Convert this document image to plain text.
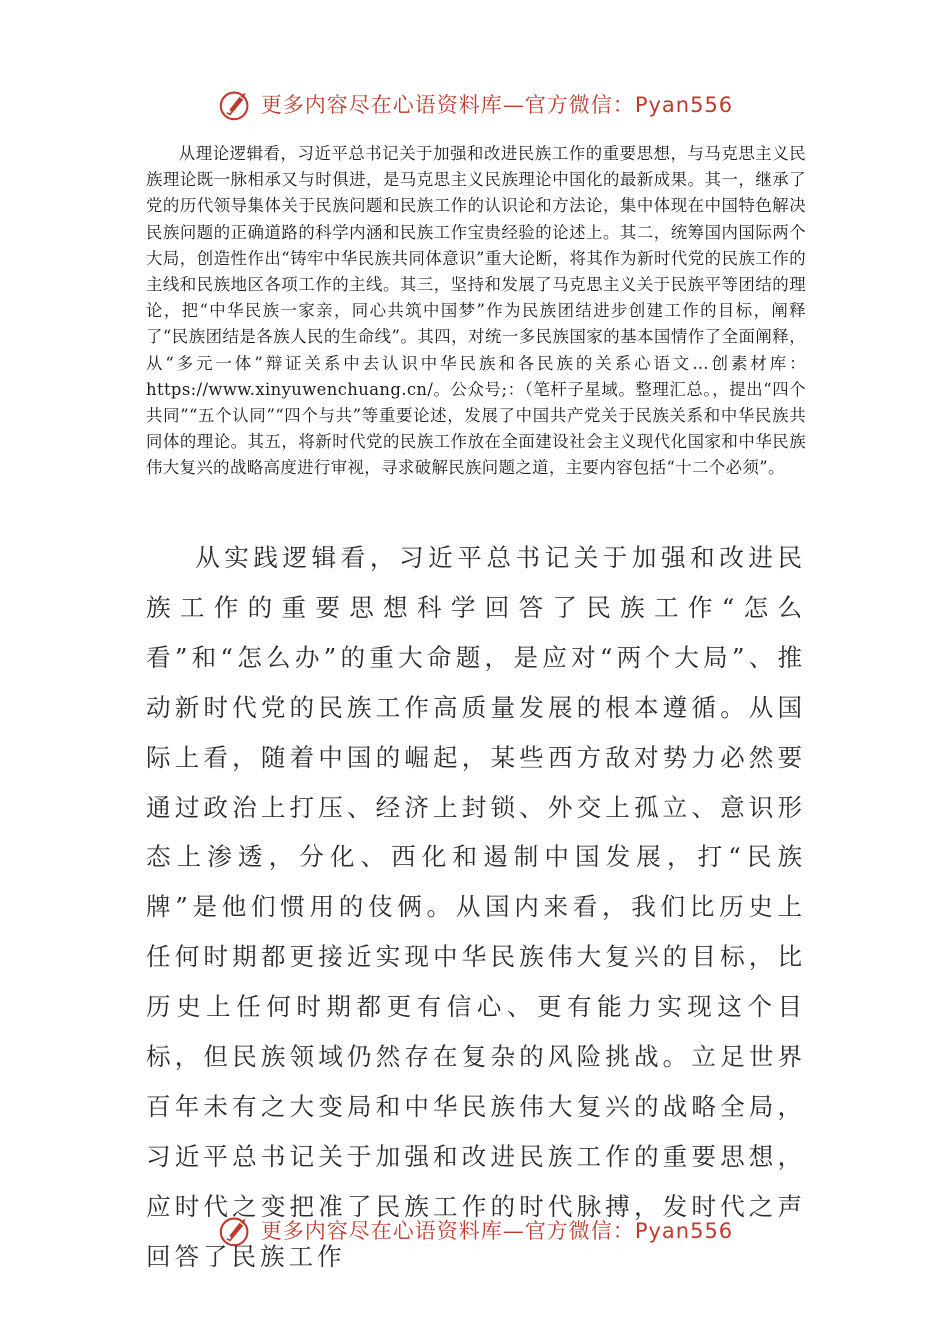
更多内容尽在心语资料库—官方微信：Pyan556

从理论逻辑看，习近平总书记关于加强和改进民族工作的重要思想，与马克思主义民族理论既一脉相承又与时俱进，是马克思主义民族理论中国化的最新成果。其一，继承了党的历代领导集体关于民族问题和民族工作的认识论和方法论，集中体现在中国特色解决民族问题的正确道路的科学内涵和民族工作宝贵经验的论述上。其二，统筹国内国际两个大局，创造性作出“铸牢中华民族共同体意识”重大论断，将其作为新时代党的民族工作的主线和民族地区各项工作的主线。其三，坚持和发展了马克思主义关于民族平等团结的理论，把“中华民族一家亲，同心共筑中国梦”作为民族团结进步创建工作的目标，阐释了“民族团结是各族人民的生命线”。其四，对统一多民族国家的基本国情作了全面阐释，从“多元一体”辩证关系中去认识中华民族和各民族的关系心语文…创素材库：https://www.xinyuwenchuang.cn/。公众号;：（笔杆子星域。整理汇总。，提出“四个共同”“五个认同”“四个与共”等重要论述，发展了中国共产党关于民族关系和中华民族共同体的理论。其五，将新时代党的民族工作放在全面建设社会主义现代化国家和中华民族伟大复兴的战略高度进行审视，寻求破解民族问题之道，主要内容包括“十二个必须”。

从实践逻辑看，习近平总书记关于加强和改进民族工作的重要思想科学回答了民族工作“怎么看”和“怎么办”的重大命题，是应对“两个大局”、推动新时代党的民族工作高质量发展的根本遵循。从国际上看，随着中国的崛起，某些西方敌对势力必然要通过政治上打压、经济上封锁、外交上孤立、意识形态上渗透，分化、西化和遏制中国发展，打“民族牌”是他们惯用的伎俩。从国内来看，我们比历史上任何时期都更接近实现中华民族伟大复兴的目标，比历史上任何时期都更有信心、更有能力实现这个目标，但民族领域仍然存在复杂的风险挑战。立足世界百年未有之大变局和中华民族伟大复兴的战略全局，习近平总书记关于加强和改进民族工作的重要思想，应时代之变把准了民族工作的时代脉搏，发时代之声回答了民族工作

更多内容尽在心语资料库—官方微信：Pyan556
